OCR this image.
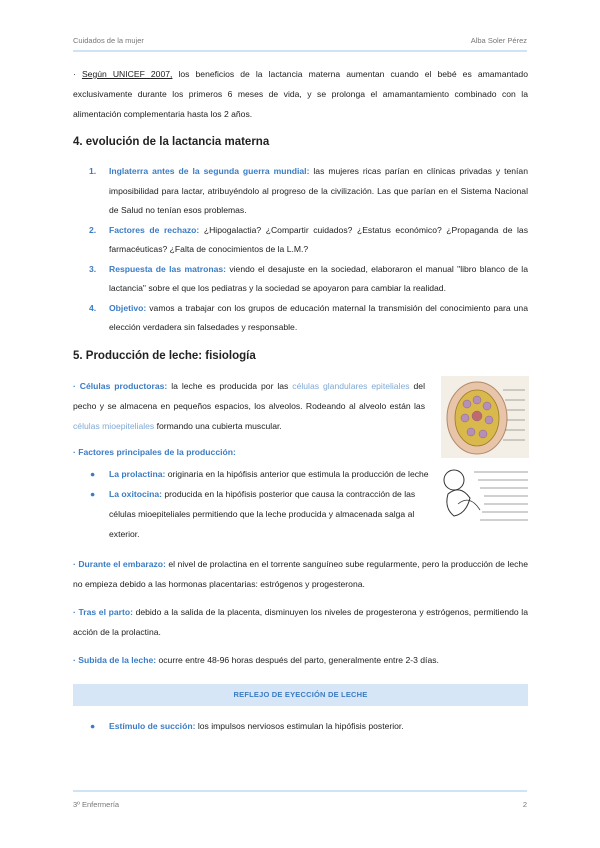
Cuidados de la mujer	Alba Soler Pérez

· Según UNICEF 2007, los beneficios de la lactancia materna aumentan cuando el bebé es amamantado exclusivamente durante los primeros 6 meses de vida, y se prolonga el amamantamiento combinado con la alimentación complementaria hasta los 2 años.

4. evolución de la lactancia materna
1. Inglaterra antes de la segunda guerra mundial: las mujeres ricas parían en clínicas privadas y tenían imposibilidad para lactar, atribuyéndolo al progreso de la civilización. Las que parían en el Sistema Nacional de Salud no tenían esos problemas.
2. Factores de rechazo: ¿Hipogalactia? ¿Compartir cuidados? ¿Estatus económico? ¿Propaganda de las farmacéuticas? ¿Falta de conocimientos de la L.M.?
3. Respuesta de las matronas: viendo el desajuste en la sociedad, elaboraron el manual "libro blanco de la lactancia" sobre el que los pediatras y la sociedad se apoyaron para cambiar la realidad.
4. Objetivo: vamos a trabajar con los grupos de educación maternal la transmisión del conocimiento para una elección verdadera sin falsedades y responsable.
5. Producción de leche: fisiología

· Células productoras: la leche es producida por las células glandulares epiteliales del pecho y se almacena en pequeños espacios, los alveolos. Rodeando al alveolo están las células mioepiteliales formando una cubierta muscular.

· Factores principales de la producción:

● La prolactina: originaria en la hipófisis anterior que estimula la producción de leche
● La oxitocina: producida en la hipófisis posterior que causa la contracción de las células mioepiteliales permitiendo que la leche producida y almacenada salga al exterior.

· Durante el embarazo: el nivel de prolactina en el torrente sanguíneo sube regularmente, pero la producción de leche no empieza debido a las hormonas placentarias: estrógenos y progesterona.

· Tras el parto: debido a la salida de la placenta, disminuyen los niveles de progesterona y estrógenos, permitiendo la acción de la prolactina.

· Subida de la leche: ocurre entre 48-96 horas después del parto, generalmente entre 2-3 días.

REFLEJO DE EYECCIÓN DE LECHE
● Estímulo de succión: los impulsos nerviosos estimulan la hipófisis posterior.
3º Enfermería	2
